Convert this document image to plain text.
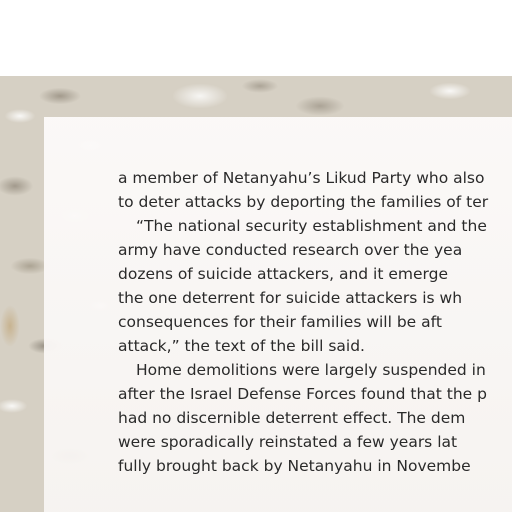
a member of Netanyahu’s Likud Party who also
to deter attacks by deporting the families of ter
“The national security establishment and the
army have conducted research over the yea
dozens of suicide attackers, and it emerge
the one deterrent for suicide attackers is wh
consequences for their families will be aft
attack,” the text of the bill said.
Home demolitions were largely suspended in
after the Israel Defense Forces found that the p
had no discernible deterrent effect. The dem
were sporadically reinstated a few years lat
fully brought back by Netanyahu in Novembe
